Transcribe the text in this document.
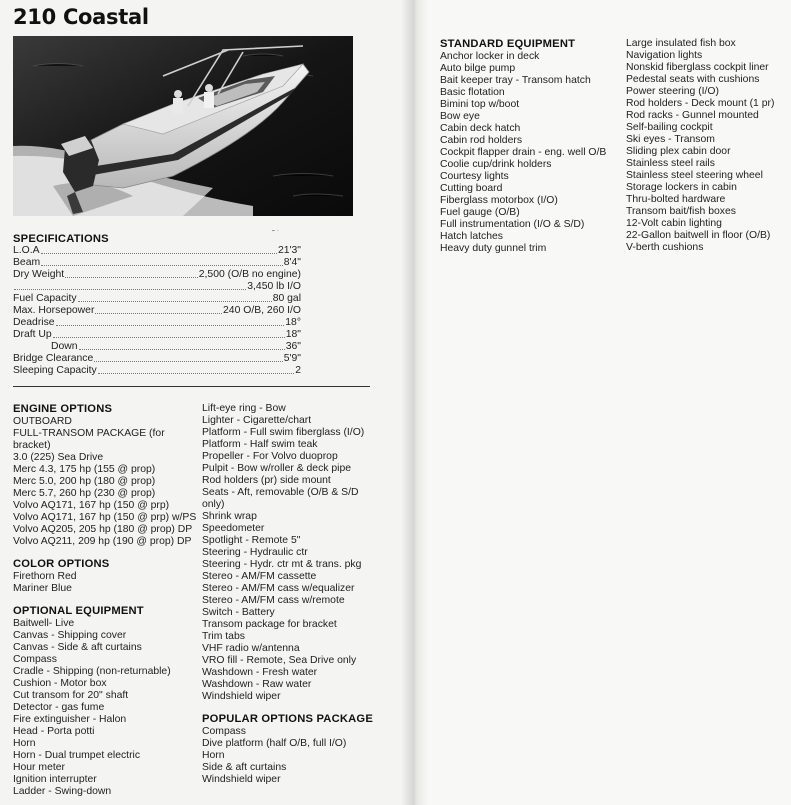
210 Coastal
˜ ˙
SPECIFICATIONS
L.O.A	21'3"
Beam	8'4"
Dry Weight	2,500 (O/B no engine)
3,450 lb I/O
Fuel Capacity	80 gal
Max. Horsepower	240 O/B, 260 I/O
Deadrise	18°
Draft Up	18"
Down	36"
Bridge Clearance	5'9"
Sleeping Capacity	2
ENGINE OPTIONS
OUTBOARD
FULL-TRANSOM PACKAGE (for
bracket)
3.0 (225) Sea Drive
Merc 4.3, 175 hp (155 @ prop)
Merc 5.0, 200 hp (180 @ prop)
Merc 5.7, 260 hp (230 @ prop)
Volvo AQ171, 167 hp (150 @ prp)
Volvo AQ171, 167 hp (150 @ prp) w/PS
Volvo AQ205, 205 hp (180 @ prop) DP
Volvo AQ211, 209 hp (190 @ prop) DP
COLOR OPTIONS
Firethorn Red
Mariner Blue
OPTIONAL EQUIPMENT
Baitwell- Live
Canvas - Shipping cover
Canvas - Side & aft curtains
Compass
Cradle - Shipping (non-returnable)
Cushion - Motor box
Cut transom for 20" shaft
Detector - gas fume
Fire extinguisher - Halon
Head - Porta potti
Horn
Horn - Dual trumpet electric
Hour meter
Ignition interrupter
Ladder - Swing-down
Lift-eye ring - Bow
Lighter - Cigarette/chart
Platform - Full swim fiberglass (I/O)
Platform - Half swim teak
Propeller - For Volvo duoprop
Pulpit - Bow w/roller & deck pipe
Rod holders (pr) side mount
Seats - Aft, removable (O/B & S/D
only)
Shrink wrap
Speedometer
Spotlight - Remote 5"
Steering - Hydraulic ctr
Steering - Hydr. ctr mt & trans. pkg
Stereo - AM/FM cassette
Stereo - AM/FM cass w/equalizer
Stereo - AM/FM cass w/remote
Switch - Battery
Transom package for bracket
Trim tabs
VHF radio w/antenna
VRO fill - Remote, Sea Drive only
Washdown - Fresh water
Washdown - Raw water
Windshield wiper
POPULAR OPTIONS PACKAGE
Compass
Dive platform (half O/B, full I/O)
Horn
Side & aft curtains
Windshield wiper
STANDARD EQUIPMENT
Anchor locker in deck
Auto bilge pump
Bait keeper tray - Transom hatch
Basic flotation
Bimini top w/boot
Bow eye
Cabin deck hatch
Cabin rod holders
Cockpit flapper drain - eng. well O/B
Coolie cup/drink holders
Courtesy lights
Cutting board
Fiberglass motorbox (I/O)
Fuel gauge (O/B)
Full instrumentation (I/O & S/D)
Hatch latches
Heavy duty gunnel trim
Large insulated fish box
Navigation lights
Nonskid fiberglass cockpit liner
Pedestal seats with cushions
Power steering (I/O)
Rod holders - Deck mount (1 pr)
Rod racks - Gunnel mounted
Self-bailing cockpit
Ski eyes - Transom
Sliding plex cabin door
Stainless steel rails
Stainless steel steering wheel
Storage lockers in cabin
Thru-bolted hardware
Transom bait/fish boxes
12-Volt cabin lighting
22-Gallon baitwell in floor (O/B)
V-berth cushions
